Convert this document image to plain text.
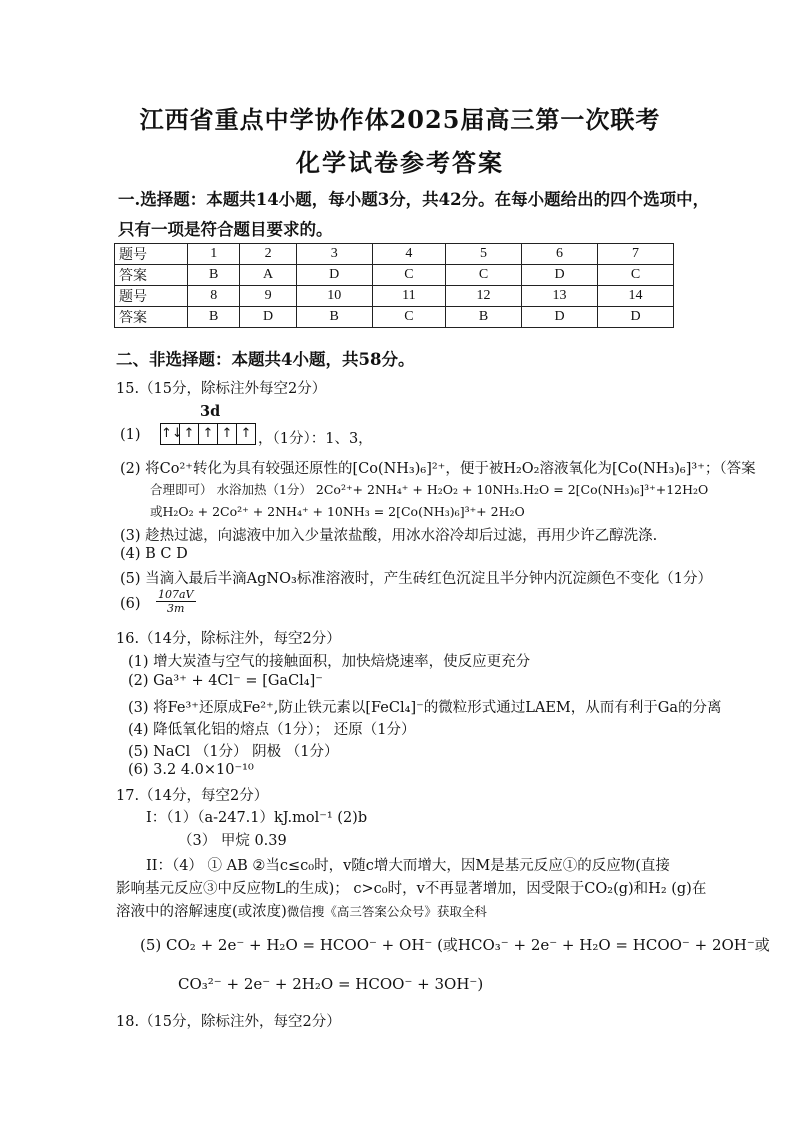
江西省重点中学协作体2025届高三第一次联考
化学试卷参考答案
一.选择题：本题共14小题，每小题3分，共42分。在每小题给出的四个选项中，
只有一项是符合题目要求的。
题号	1	2	3	4	5	6	7
答案	B	A	D	C	C	D	C
题号	8	9	10	11	12	13	14
答案	B	D	B	C	B	D	D
二、非选择题：本题共4小题，共58分。
15.（15分，除标注外每空2分）
3d
(1) ↑↓ ↑ ↑ ↑ ↑ ，（1分）：1、3，
(2) 将Co²⁺转化为具有较强还原性的[Co(NH₃)₆]²⁺，便于被H₂O₂溶液氧化为[Co(NH₃)₆]³⁺；（答案
合理即可） 水浴加热（1分） 2Co²⁺+ 2NH₄⁺ + H₂O₂ + 10NH₃.H₂O = 2[Co(NH₃)₆]³⁺+12H₂O
或H₂O₂ + 2Co²⁺ + 2NH₄⁺ + 10NH₃ = 2[Co(NH₃)₆]³⁺+ 2H₂O
(3) 趁热过滤，向滤液中加入少量浓盐酸，用冰水浴冷却后过滤，再用少许乙醇洗涤.
(4) B C D
(5) 当滴入最后半滴AgNO₃标准溶液时，产生砖红色沉淀且半分钟内沉淀颜色不变化（1分）
$(6) \frac{107aV}{3m}$
16.（14分，除标注外，每空2分）
(1) 增大炭渣与空气的接触面积，加快焙烧速率，使反应更充分
(2) Ga³⁺ + 4Cl⁻ = [GaCl₄]⁻
(3) 将Fe³⁺还原成Fe²⁺,防止铁元素以[FeCl₄]⁻的微粒形式通过LAEM，从而有利于Ga的分离
(4) 降低氧化铝的熔点（1分）； 还原（1分）
(5) NaCl （1分） 阴极 （1分）
(6) 3.2 4.0×10⁻¹⁰
17.（14分，每空2分）
I：（1）（a-247.1）kJ.mol⁻¹ (2)b
（3） 甲烷 0.39
II：（4） ① AB ②当c≤c₀时，v随c增大而增大，因M是基元反应①的反应物(直接
影响基元反应③中反应物L的生成)； c>c₀时，v不再显著增加，因受限于CO₂(g)和H₂ (g)在
溶液中的溶解速度(或浓度)微信搜《高三答案公众号》获取全科
(5) CO₂ + 2e⁻ + H₂O = HCOO⁻ + OH⁻ (或HCO₃⁻ + 2e⁻ + H₂O = HCOO⁻ + 2OH⁻或
CO₃²⁻ + 2e⁻ + 2H₂O = HCOO⁻ + 3OH⁻)
18.（15分，除标注外，每空2分）
